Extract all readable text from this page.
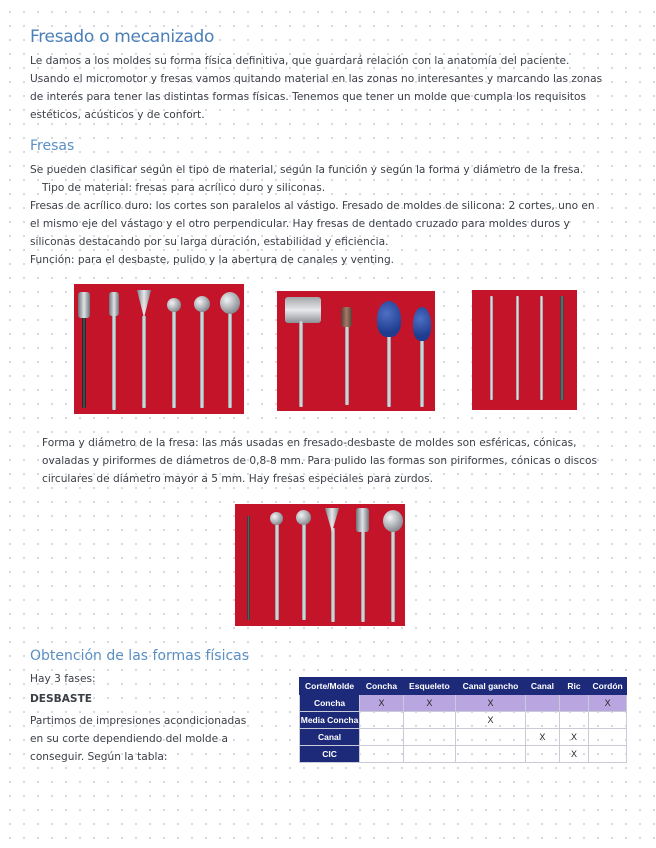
Fresado o mecanizado
Le damos a los moldes su forma física definitiva, que guardará relación con la anatomía del paciente.
Usando el micromotor y fresas vamos quitando material en las zonas no interesantes y marcando las zonas
de interés para tener las distintas formas físicas. Tenemos que tener un molde que cumpla los requisitos
estéticos, acústicos y de confort.
Fresas
Se pueden clasificar según el tipo de material, según la función y según la forma y diámetro de la fresa.
Tipo de material: fresas para acrílico duro y siliconas.
Fresas de acrílico duro: los cortes son paralelos al vástigo. Fresado de moldes de silicona: 2 cortes, uno en
el mismo eje del vástago y el otro perpendicular. Hay fresas de dentado cruzado para moldes duros y
siliconas destacando por su larga duración, estabilidad y eficiencia.
Función: para el desbaste, pulido y la abertura de canales y venting.
Forma y diámetro de la fresa: las más usadas en fresado-desbaste de moldes son esféricas, cónicas,
ovaladas y piriformes de diámetros de 0,8-8 mm. Para pulido las formas son piriformes, cónicas o discos
circulares de diámetro mayor a 5 mm. Hay fresas especiales para zurdos.
Obtención de las formas físicas
Hay 3 fases:
DESBASTE
Partimos de impresiones acondicionadas
en su corte dependiendo del molde a
conseguir. Según la tabla:
Corte/Molde	Concha	Esqueleto	Canal gancho	Canal	Ric	Cordón
Concha	X	X	X			X
Media Concha			X			
Canal				X	X	
CIC					X	
